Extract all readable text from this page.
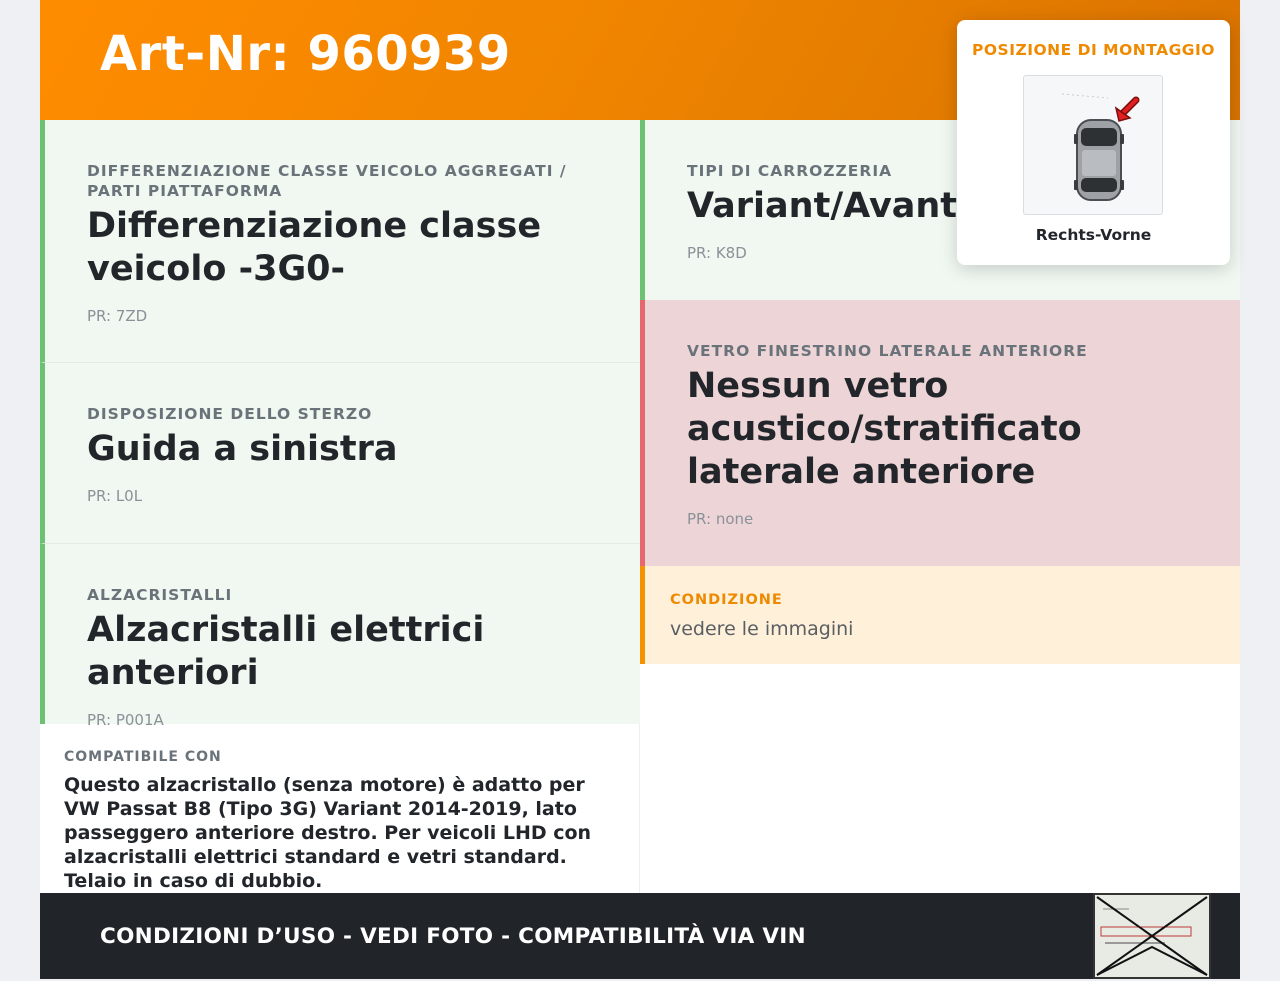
Art-Nr: 960939
DIFFERENZIAZIONE CLASSE VEICOLO AGGREGATI / PARTI PIATTAFORMA
Differenziazione classe veicolo -3G0-
PR: 7ZD
DISPOSIZIONE DELLO STERZO
Guida a sinistra
PR: L0L
ALZACRISTALLI
Alzacristalli elettrici anteriori
PR: P001A
COMPATIBILE CON
Questo alzacristallo (senza motore) è adatto per VW Passat B8 (Tipo 3G) Variant 2014-2019, lato passeggero anteriore destro. Per veicoli LHD con alzacristalli elettrici standard e vetri standard. Telaio in caso di dubbio.
TIPI DI CARROZZERIA
Variant/Avant
PR: K8D
VETRO FINESTRINO LATERALE ANTERIORE
Nessun vetro acustico/stratificato laterale anteriore
PR: none
CONDIZIONE
vedere le immagini
POSIZIONE DI MONTAGGIO
Rechts-Vorne
CONDIZIONI D’USO - VEDI FOTO - COMPATIBILITÀ VIA VIN
